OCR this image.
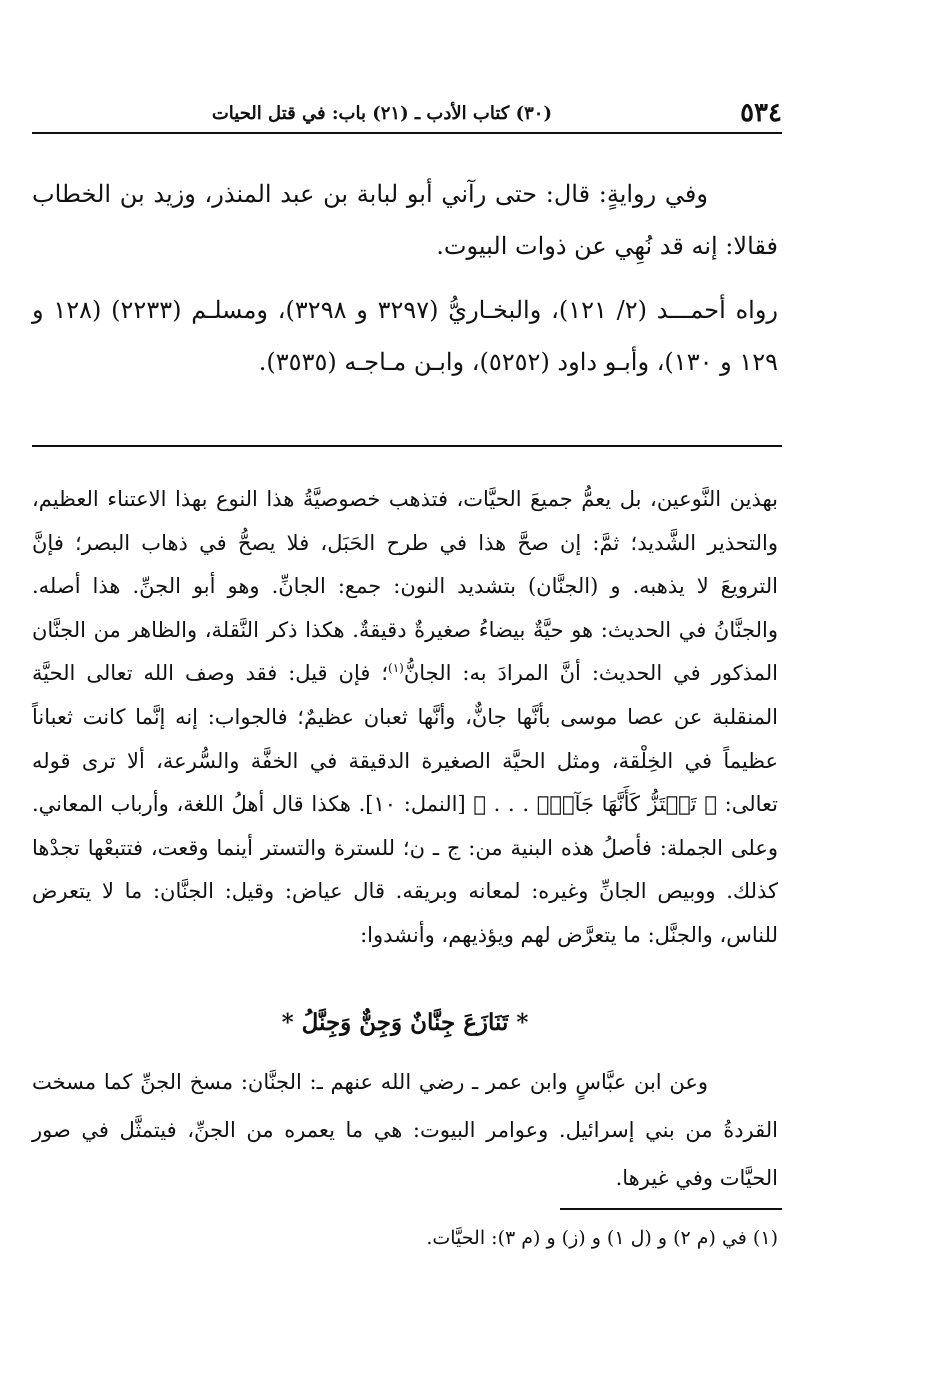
٥٣٤
(٣٠) كتاب الأدب ـ (٢١) باب: في قتل الحيات

وفي روايةٍ: قال: حتى رآني أبو لبابة بن عبد المنذر، وزيد بن الخطاب فقالا: إنه قد نُهِي عن ذوات البيوت.

رواه أحمـــد (٢/ ١٢١)، والبخـاريُّ (٣٢٩٧ و ٣٢٩٨)، ومسلـم (٢٢٣٣) (١٢٨ و ١٢٩ و ١٣٠)، وأبـو داود (٥٢٥٢)، وابـن مـاجـه (٣٥٣٥).

بهذين النَّوعين، بل يعمُّ جميعَ الحيَّات، فتذهب خصوصيَّةُ هذا النوع بهذا الاعتناء العظيم، والتحذير الشَّديد؛ ثمَّ: إن صحَّ هذا في طرح الحَبَل، فلا يصحُّ في ذهاب البصر؛ فإنَّ الترويعَ لا يذهبه. و (الجنَّان) بتشديد النون: جمع: الجانِّ. وهو أبو الجنِّ. هذا أصله. والجنَّانُ في الحديث: هو حيَّةٌ بيضاءُ صغيرةٌ دقيقةٌ. هكذا ذكر النَّقلة، والظاهر من الجنَّان المذكور في الحديث: أنَّ المرادَ به: الجانُّ$^{(١)}$؛ فإن قيل: فقد وصف الله تعالى الحيَّة المنقلبة عن عصا موسى بأنَّها جانٌّ، وأنَّها ثعبان عظيمٌ؛ فالجواب: إنه إنَّما كانت ثعباناً عظيماً في الخِلْقة، ومثل الحيَّة الصغيرة الدقيقة في الخفَّة والسُّرعة، ألا ترى قوله تعالى: ﴿ تَهۡتَزُّ كَأَنَّهَا جَآنّٞ . . . ﴾ [النمل: ١٠]. هكذا قال أهلُ اللغة، وأرباب المعاني. وعلى الجملة: فأصلُ هذه البنية من: ج ـ ن؛ للسترة والتستر أينما وقعت، فتتبعْها تجدْها كذلك. ووبيص الجانِّ وغيره: لمعانه وبريقه. قال عياض: وقيل: الجنَّان: ما لا يتعرض للناس، والجنَّل: ما يتعرَّض لهم ويؤذيهم، وأنشدوا:

* تَنَازَعَ جِنَّانٌ وَجِنٌّ وَجِنَّلُ *

وعن ابن عبَّاسٍ وابن عمر ـ رضي الله عنهم ـ: الجنَّان: مسخ الجنِّ كما مسخت القردةُ من بني إسرائيل. وعوامر البيوت: هي ما يعمره من الجنِّ، فيتمثَّل في صور الحيَّات وفي غيرها.

(١) في (م ٢) و (ل ١) و (ز) و (م ٣): الحيَّات.
